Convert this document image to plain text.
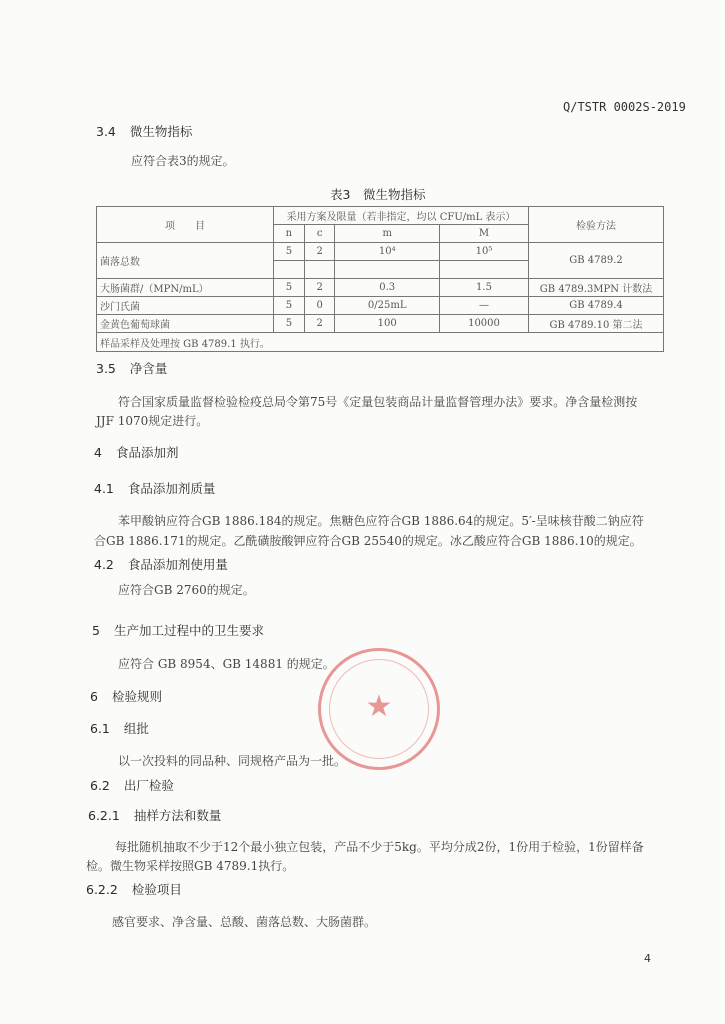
Q/TSTR 0002S-2019
3.4 微生物指标
应符合表3的规定。
表3　微生物指标
项　　目	采用方案及限量（若非指定，均以 CFU/mL 表示）				检验方法
	n	c	m	M	
菌落总数	5	2	10⁴	10⁵	GB 4789.2

大肠菌群/（MPN/mL）	5	2	0.3	1.5	GB 4789.3MPN 计数法
沙门氏菌	5	0	0/25mL	—	GB 4789.4
金黄色葡萄球菌	5	2	100	10000	GB 4789.10 第二法
样品采样及处理按 GB 4789.1 执行。					
3.5 净含量
符合国家质量监督检验检疫总局令第75号《定量包装商品计量监督管理办法》要求。净含量检测按
JJF 1070规定进行。
4 食品添加剂
4.1 食品添加剂质量
苯甲酸钠应符合GB 1886.184的规定。焦糖色应符合GB 1886.64的规定。5′-呈味核苷酸二钠应符
合GB 1886.171的规定。乙酰磺胺酸钾应符合GB 25540的规定。冰乙酸应符合GB 1886.10的规定。
4.2 食品添加剂使用量
应符合GB 2760的规定。
5 生产加工过程中的卫生要求
应符合 GB 8954、GB 14881 的规定。
6 检验规则
6.1 组批
以一次投料的同品种、同规格产品为一批。
6.2 出厂检验
6.2.1 抽样方法和数量
每批随机抽取不少于12个最小独立包装，产品不少于5kg。平均分成2份，1份用于检验，1份留样备
检。微生物采样按照GB 4789.1执行。
6.2.2 检验项目
感官要求、净含量、总酸、菌落总数、大肠菌群。
★
4
